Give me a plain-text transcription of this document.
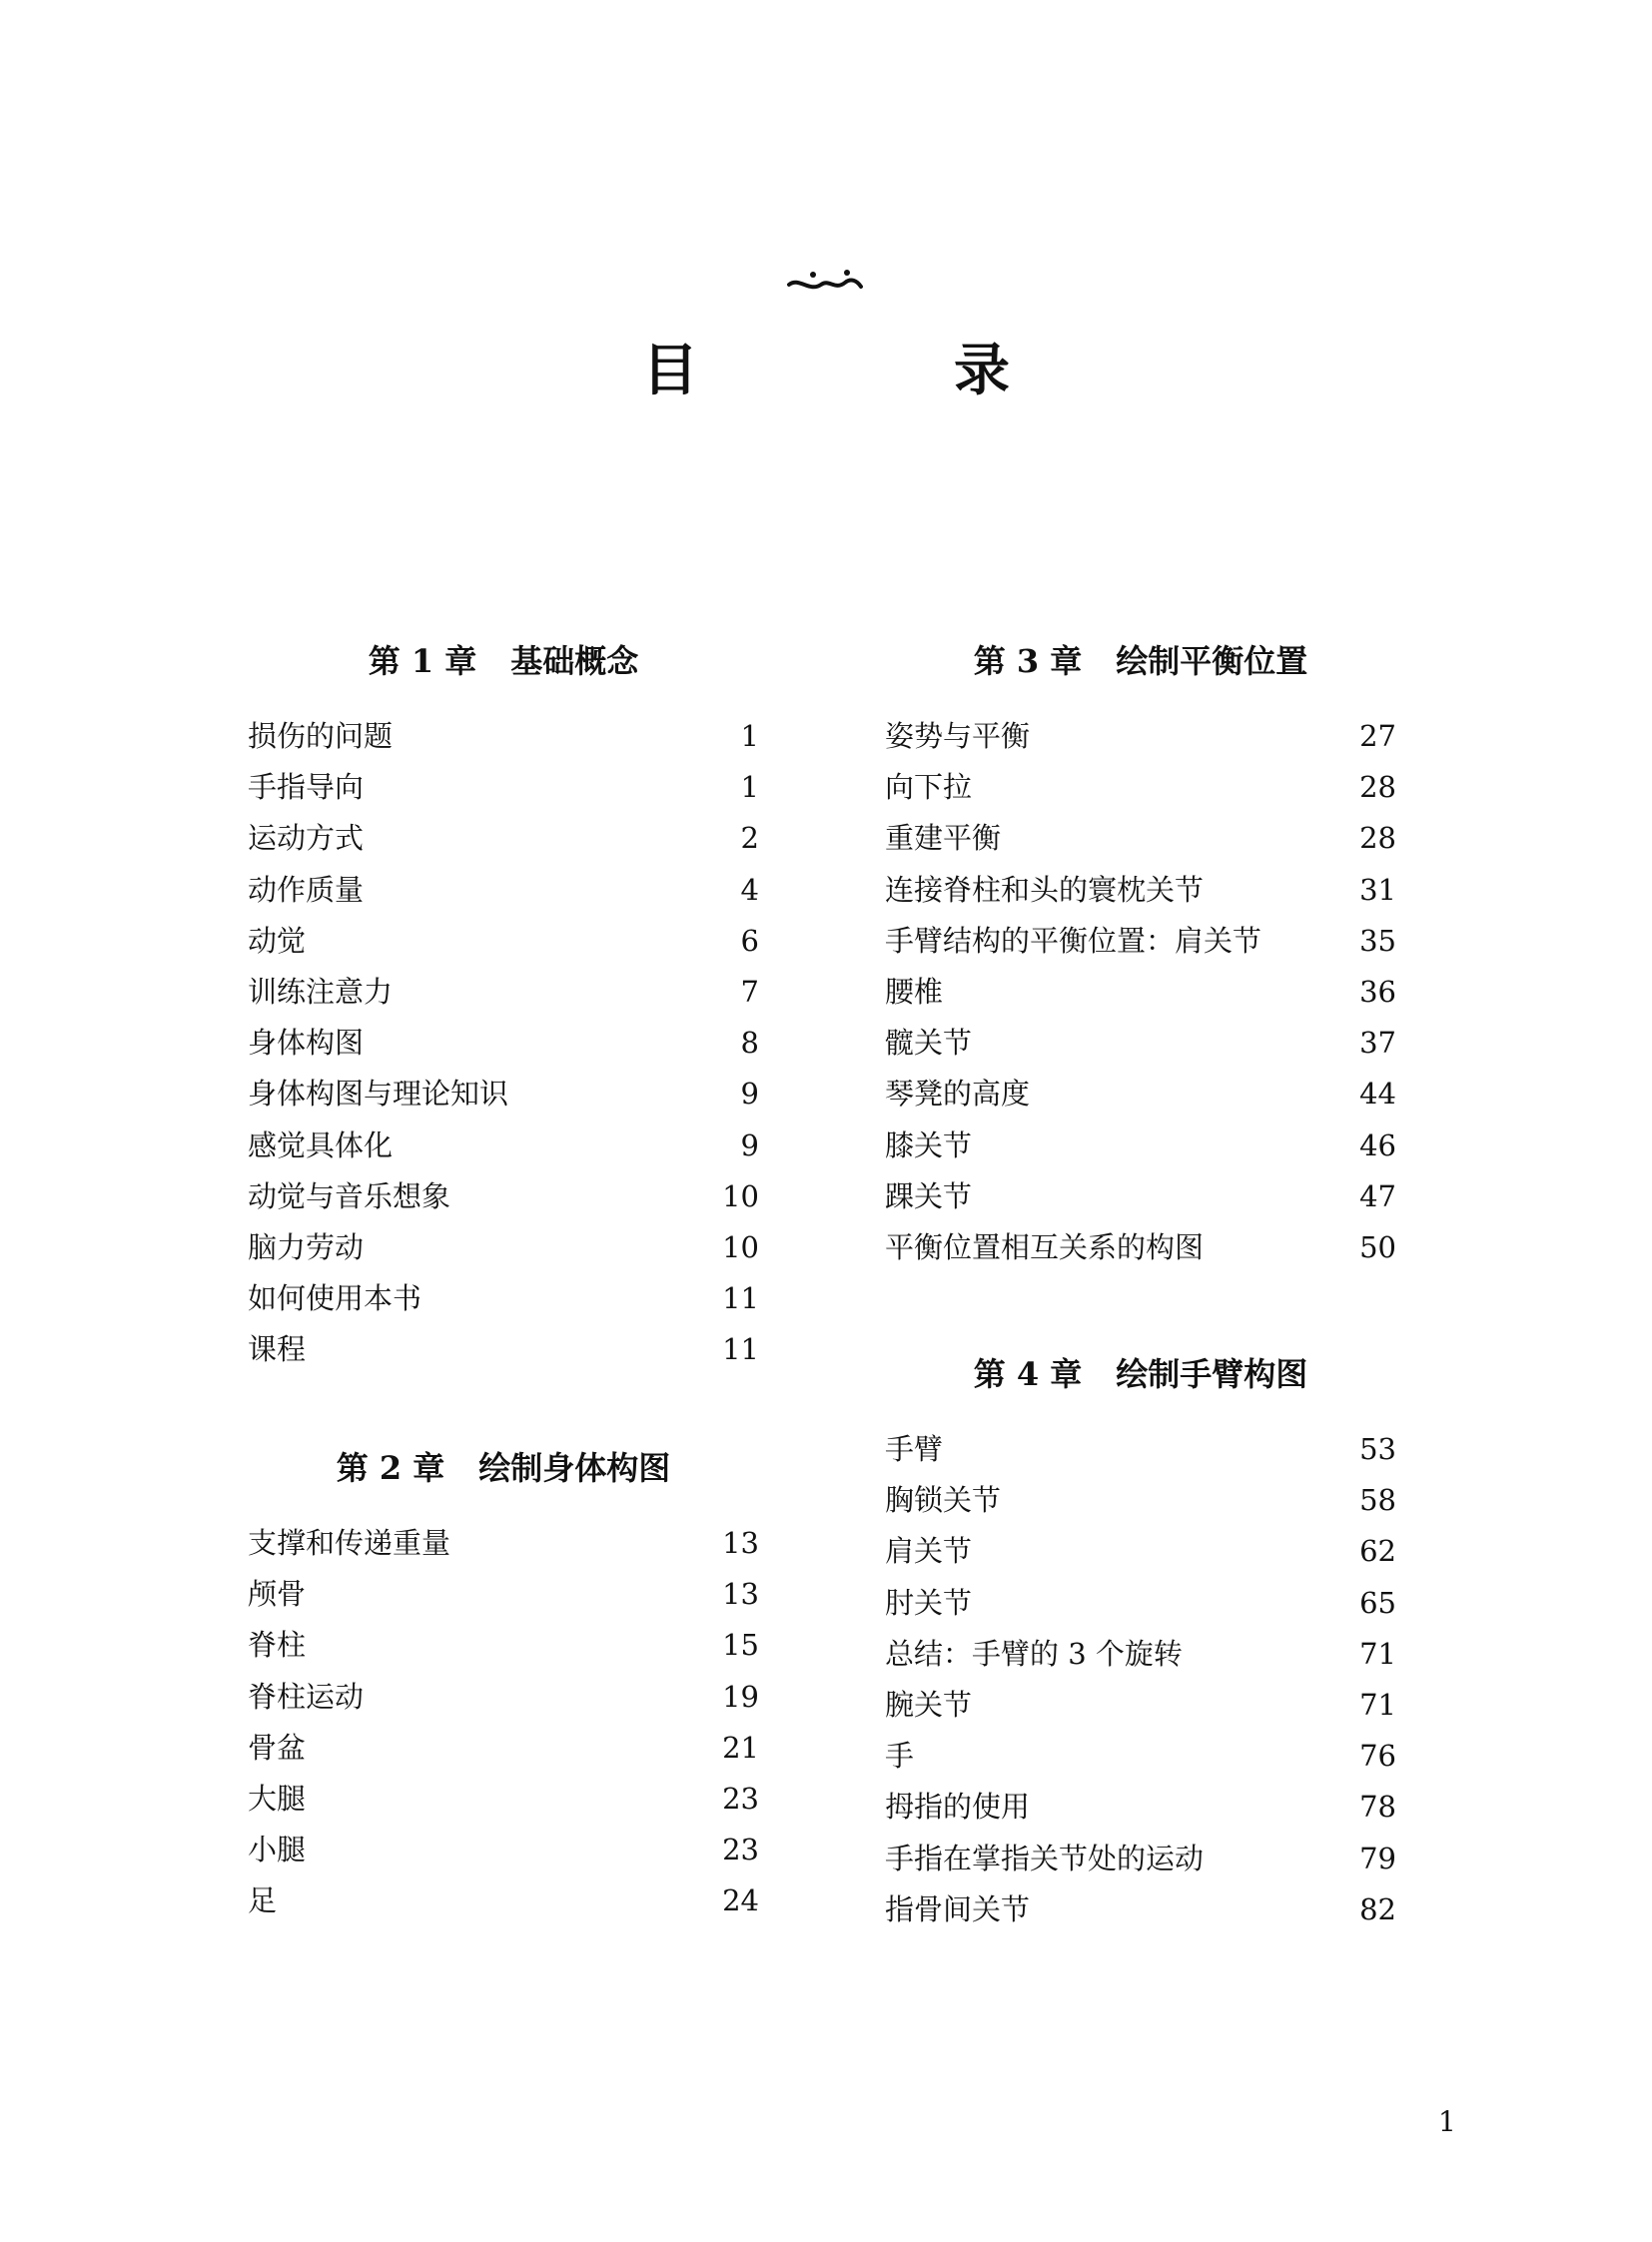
目　录
第 1 章 基础概念
损伤的问题	1
手指导向	1
运动方式	2
动作质量	4
动觉	6
训练注意力	7
身体构图	8
身体构图与理论知识	9
感觉具体化	9
动觉与音乐想象	10
脑力劳动	10
如何使用本书	11
课程	11
第 2 章 绘制身体构图
支撑和传递重量	13
颅骨	13
脊柱	15
脊柱运动	19
骨盆	21
大腿	23
小腿	23
足	24
第 3 章 绘制平衡位置
姿势与平衡	27
向下拉	28
重建平衡	28
连接脊柱和头的寰枕关节	31
手臂结构的平衡位置：肩关节	35
腰椎	36
髋关节	37
琴凳的高度	44
膝关节	46
踝关节	47
平衡位置相互关系的构图	50
第 4 章 绘制手臂构图
手臂	53
胸锁关节	58
肩关节	62
肘关节	65
总结：手臂的 3 个旋转	71
腕关节	71
手	76
拇指的使用	78
手指在掌指关节处的运动	79
指骨间关节	82
1
